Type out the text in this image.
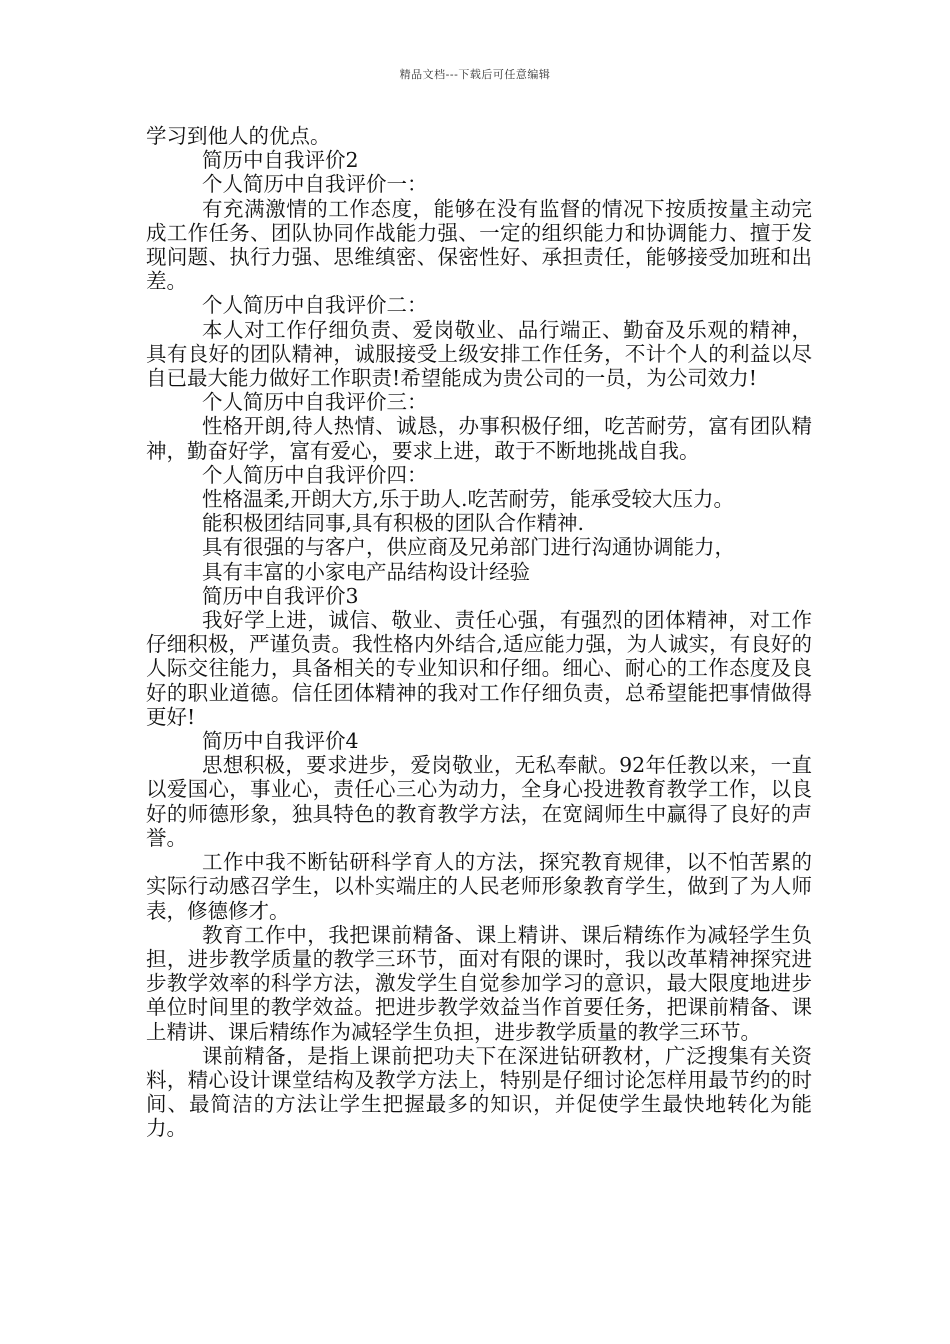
精品文档---下载后可任意编辑

学习到他人的优点。

简历中自我评价2

个人简历中自我评价一：

有充满激情的工作态度，能够在没有监督的情况下按质按量主动完成工作任务、团队协同作战能力强、一定的组织能力和协调能力、擅于发现问题、执行力强、思维缜密、保密性好、承担责任，能够接受加班和出差。

个人简历中自我评价二：

本人对工作仔细负责、爱岗敬业、品行端正、勤奋及乐观的精神，具有良好的团队精神，诚服接受上级安排工作任务，不计个人的利益以尽自已最大能力做好工作职责!希望能成为贵公司的一员，为公司效力!

个人简历中自我评价三：

性格开朗,待人热情、诚恳，办事积极仔细，吃苦耐劳，富有团队精神，勤奋好学，富有爱心，要求上进，敢于不断地挑战自我。

个人简历中自我评价四：

性格温柔,开朗大方,乐于助人.吃苦耐劳，能承受较大压力。

能积极团结同事,具有积极的团队合作精神.

具有很强的与客户，供应商及兄弟部门进行沟通协调能力，

具有丰富的小家电产品结构设计经验

简历中自我评价3

我好学上进，诚信、敬业、责任心强，有强烈的团体精神，对工作仔细积极，严谨负责。我性格内外结合,适应能力强，为人诚实，有良好的人际交往能力，具备相关的专业知识和仔细。细心、耐心的工作态度及良好的职业道德。信任团体精神的我对工作仔细负责，总希望能把事情做得更好!

简历中自我评价4

思想积极，要求进步，爱岗敬业，无私奉献。92年任教以来，一直以爱国心，事业心，责任心三心为动力，全身心投进教育教学工作，以良好的师德形象，独具特色的教育教学方法，在宽阔师生中赢得了良好的声誉。

工作中我不断钻研科学育人的方法，探究教育规律，以不怕苦累的实际行动感召学生，以朴实端庄的人民老师形象教育学生，做到了为人师表，修德修才。

教育工作中，我把课前精备、课上精讲、课后精练作为减轻学生负担，进步教学质量的教学三环节，面对有限的课时，我以改革精神探究进步教学效率的科学方法，激发学生自觉参加学习的意识，最大限度地进步单位时间里的教学效益。把进步教学效益当作首要任务，把课前精备、课上精讲、课后精练作为减轻学生负担，进步教学质量的教学三环节。

课前精备，是指上课前把功夫下在深进钻研教材，广泛搜集有关资料，精心设计课堂结构及教学方法上，特别是仔细讨论怎样用最节约的时间、最简洁的方法让学生把握最多的知识，并促使学生最快地转化为能力。
